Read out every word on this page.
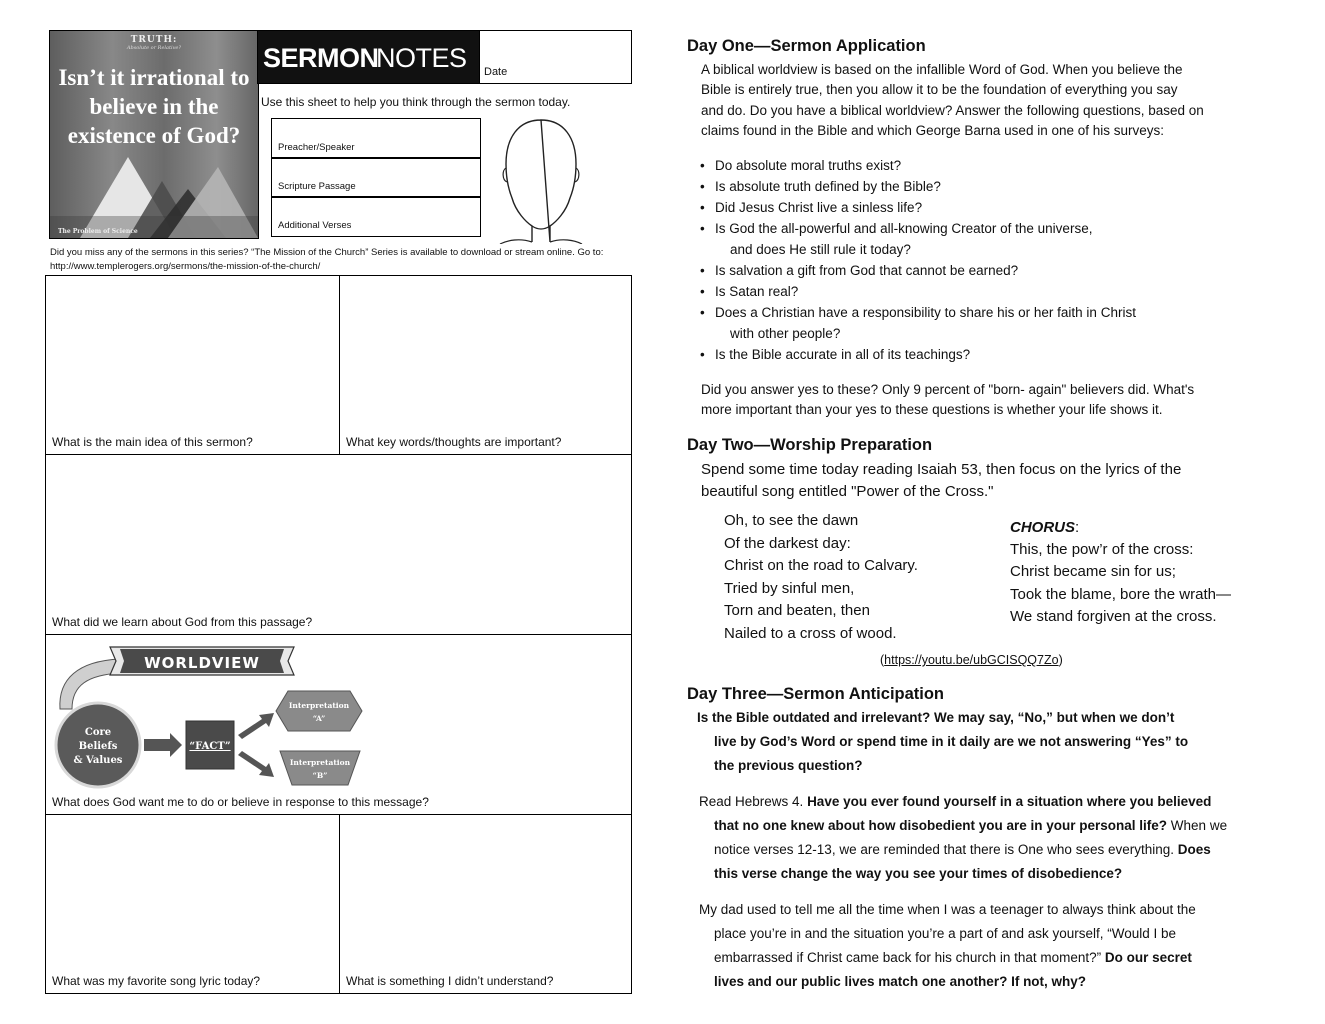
TRUTH:
Absolute or Relative?
Isn’t it irrational to believe in the existence of God?
The Problem of Science
SERMON
NOTES Date
Use this sheet to help you think through the sermon today.
Preacher/Speaker
Scripture Passage
Additional Verses
Did you miss any of the sermons in this series? “The Mission of the Church” Series is available to download or stream online. Go to: http://www.templerogers.org/sermons/the-mission-of-the-church/
What is the main idea of this sermon?	What key words/thoughts are important?
What did we learn about God from this passage?
WORLDVIEW
Core
Beliefs
& Values
“FACT”
Interpretation
“A”
Interpretation
“B”
What does God want me to do or believe in response to this message?
What was my favorite song lyric today?	What is something I didn’t understand?
Day One—Sermon Application
A biblical worldview is based on the infallible Word of God. When you believe the
Bible is entirely true, then you allow it to be the foundation of everything you say
and do. Do you have a biblical worldview? Answer the following questions, based on
claims found in the Bible and which George Barna used in one of his surveys:
• Do absolute moral truths exist?
• Is absolute truth defined by the Bible?
• Did Jesus Christ live a sinless life?
• Is God the all-powerful and all-knowing Creator of the universe,
and does He still rule it today?
• Is salvation a gift from God that cannot be earned?
• Is Satan real?
• Does a Christian have a responsibility to share his or her faith in Christ
with other people?
• Is the Bible accurate in all of its teachings?
Did you answer yes to these? Only 9 percent of "born- again" believers did. What's
more important than your yes to these questions is whether your life shows it.
Day Two—Worship Preparation
Spend some time today reading Isaiah 53, then focus on the lyrics of the
beautiful song entitled "Power of the Cross."
Oh, to see the dawn
Of the darkest day:
Christ on the road to Calvary.
Tried by sinful men,
Torn and beaten, then
Nailed to a cross of wood.
CHORUS:
This, the pow’r of the cross:
Christ became sin for us;
Took the blame, bore the wrath—
We stand forgiven at the cross.
(https://youtu.be/ubGCISQQ7Zo)
Day Three—Sermon Anticipation
Is the Bible outdated and irrelevant? We may say, “No,” but when we don’t
live by God’s Word or spend time in it daily are we not answering “Yes” to
the previous question?
Read Hebrews 4. Have you ever found yourself in a situation where you believed
that no one knew about how disobedient you are in your personal life? When we
notice verses 12-13, we are reminded that there is One who sees everything. Does
this verse change the way you see your times of disobedience?
My dad used to tell me all the time when I was a teenager to always think about the
place you’re in and the situation you’re a part of and ask yourself, “Would I be
embarrassed if Christ came back for his church in that moment?” Do our secret
lives and our public lives match one another? If not, why?
